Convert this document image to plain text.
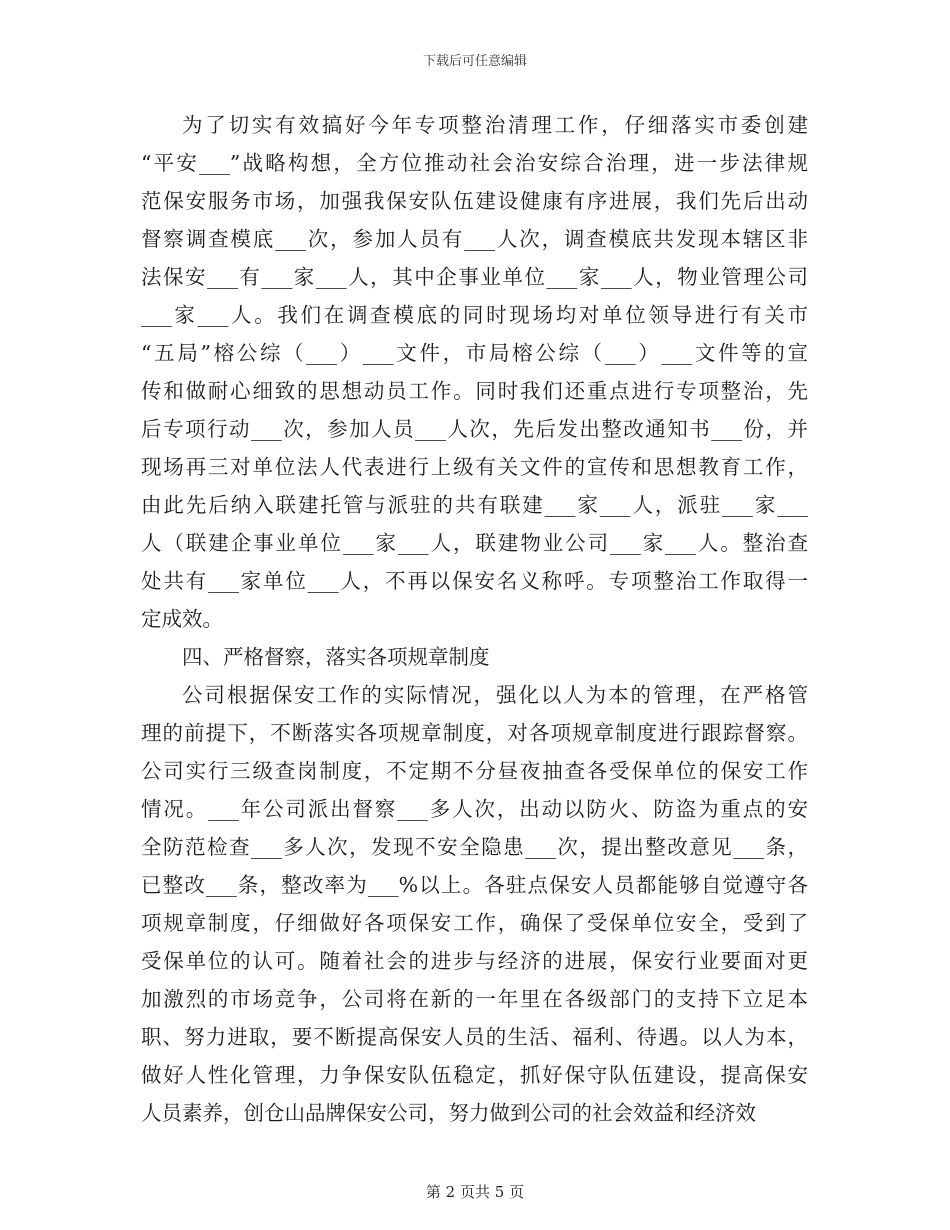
下载后可任意编辑

为了切实有效搞好今年专项整治清理工作，仔细落实市委创建
“平安___”战略构想，全方位推动社会治安综合治理，进一步法律规
范保安服务市场，加强我保安队伍建设健康有序进展，我们先后出动
督察调查模底___次，参加人员有___人次，调查模底共发现本辖区非
法保安___有___家___人，其中企事业单位___家___人，物业管理公司
___家___人。我们在调查模底的同时现场均对单位领导进行有关市
“五局”榕公综（___）___文件，市局榕公综（___）___文件等的宣
传和做耐心细致的思想动员工作。同时我们还重点进行专项整治，先
后专项行动___次，参加人员___人次，先后发出整改通知书___份，并
现场再三对单位法人代表进行上级有关文件的宣传和思想教育工作，
由此先后纳入联建托管与派驻的共有联建___家___人，派驻___家___
人（联建企事业单位___家___人，联建物业公司___家___人。整治查
处共有___家单位___人，不再以保安名义称呼。专项整治工作取得一
定成效。

四、严格督察，落实各项规章制度

公司根据保安工作的实际情况，强化以人为本的管理，在严格管
理的前提下，不断落实各项规章制度，对各项规章制度进行跟踪督察。
公司实行三级查岗制度，不定期不分昼夜抽查各受保单位的保安工作
情况。___年公司派出督察___多人次，出动以防火、防盗为重点的安
全防范检查___多人次，发现不安全隐患___次，提出整改意见___条，
已整改___条，整改率为___%以上。各驻点保安人员都能够自觉遵守各
项规章制度，仔细做好各项保安工作，确保了受保单位安全，受到了
受保单位的认可。随着社会的进步与经济的进展，保安行业要面对更
加激烈的市场竞争，公司将在新的一年里在各级部门的支持下立足本
职、努力进取，要不断提高保安人员的生活、福利、待遇。以人为本，
做好人性化管理，力争保安队伍稳定，抓好保守队伍建设，提高保安
人员素养，创仓山品牌保安公司，努力做到公司的社会效益和经济效

第 2 页共 5 页
